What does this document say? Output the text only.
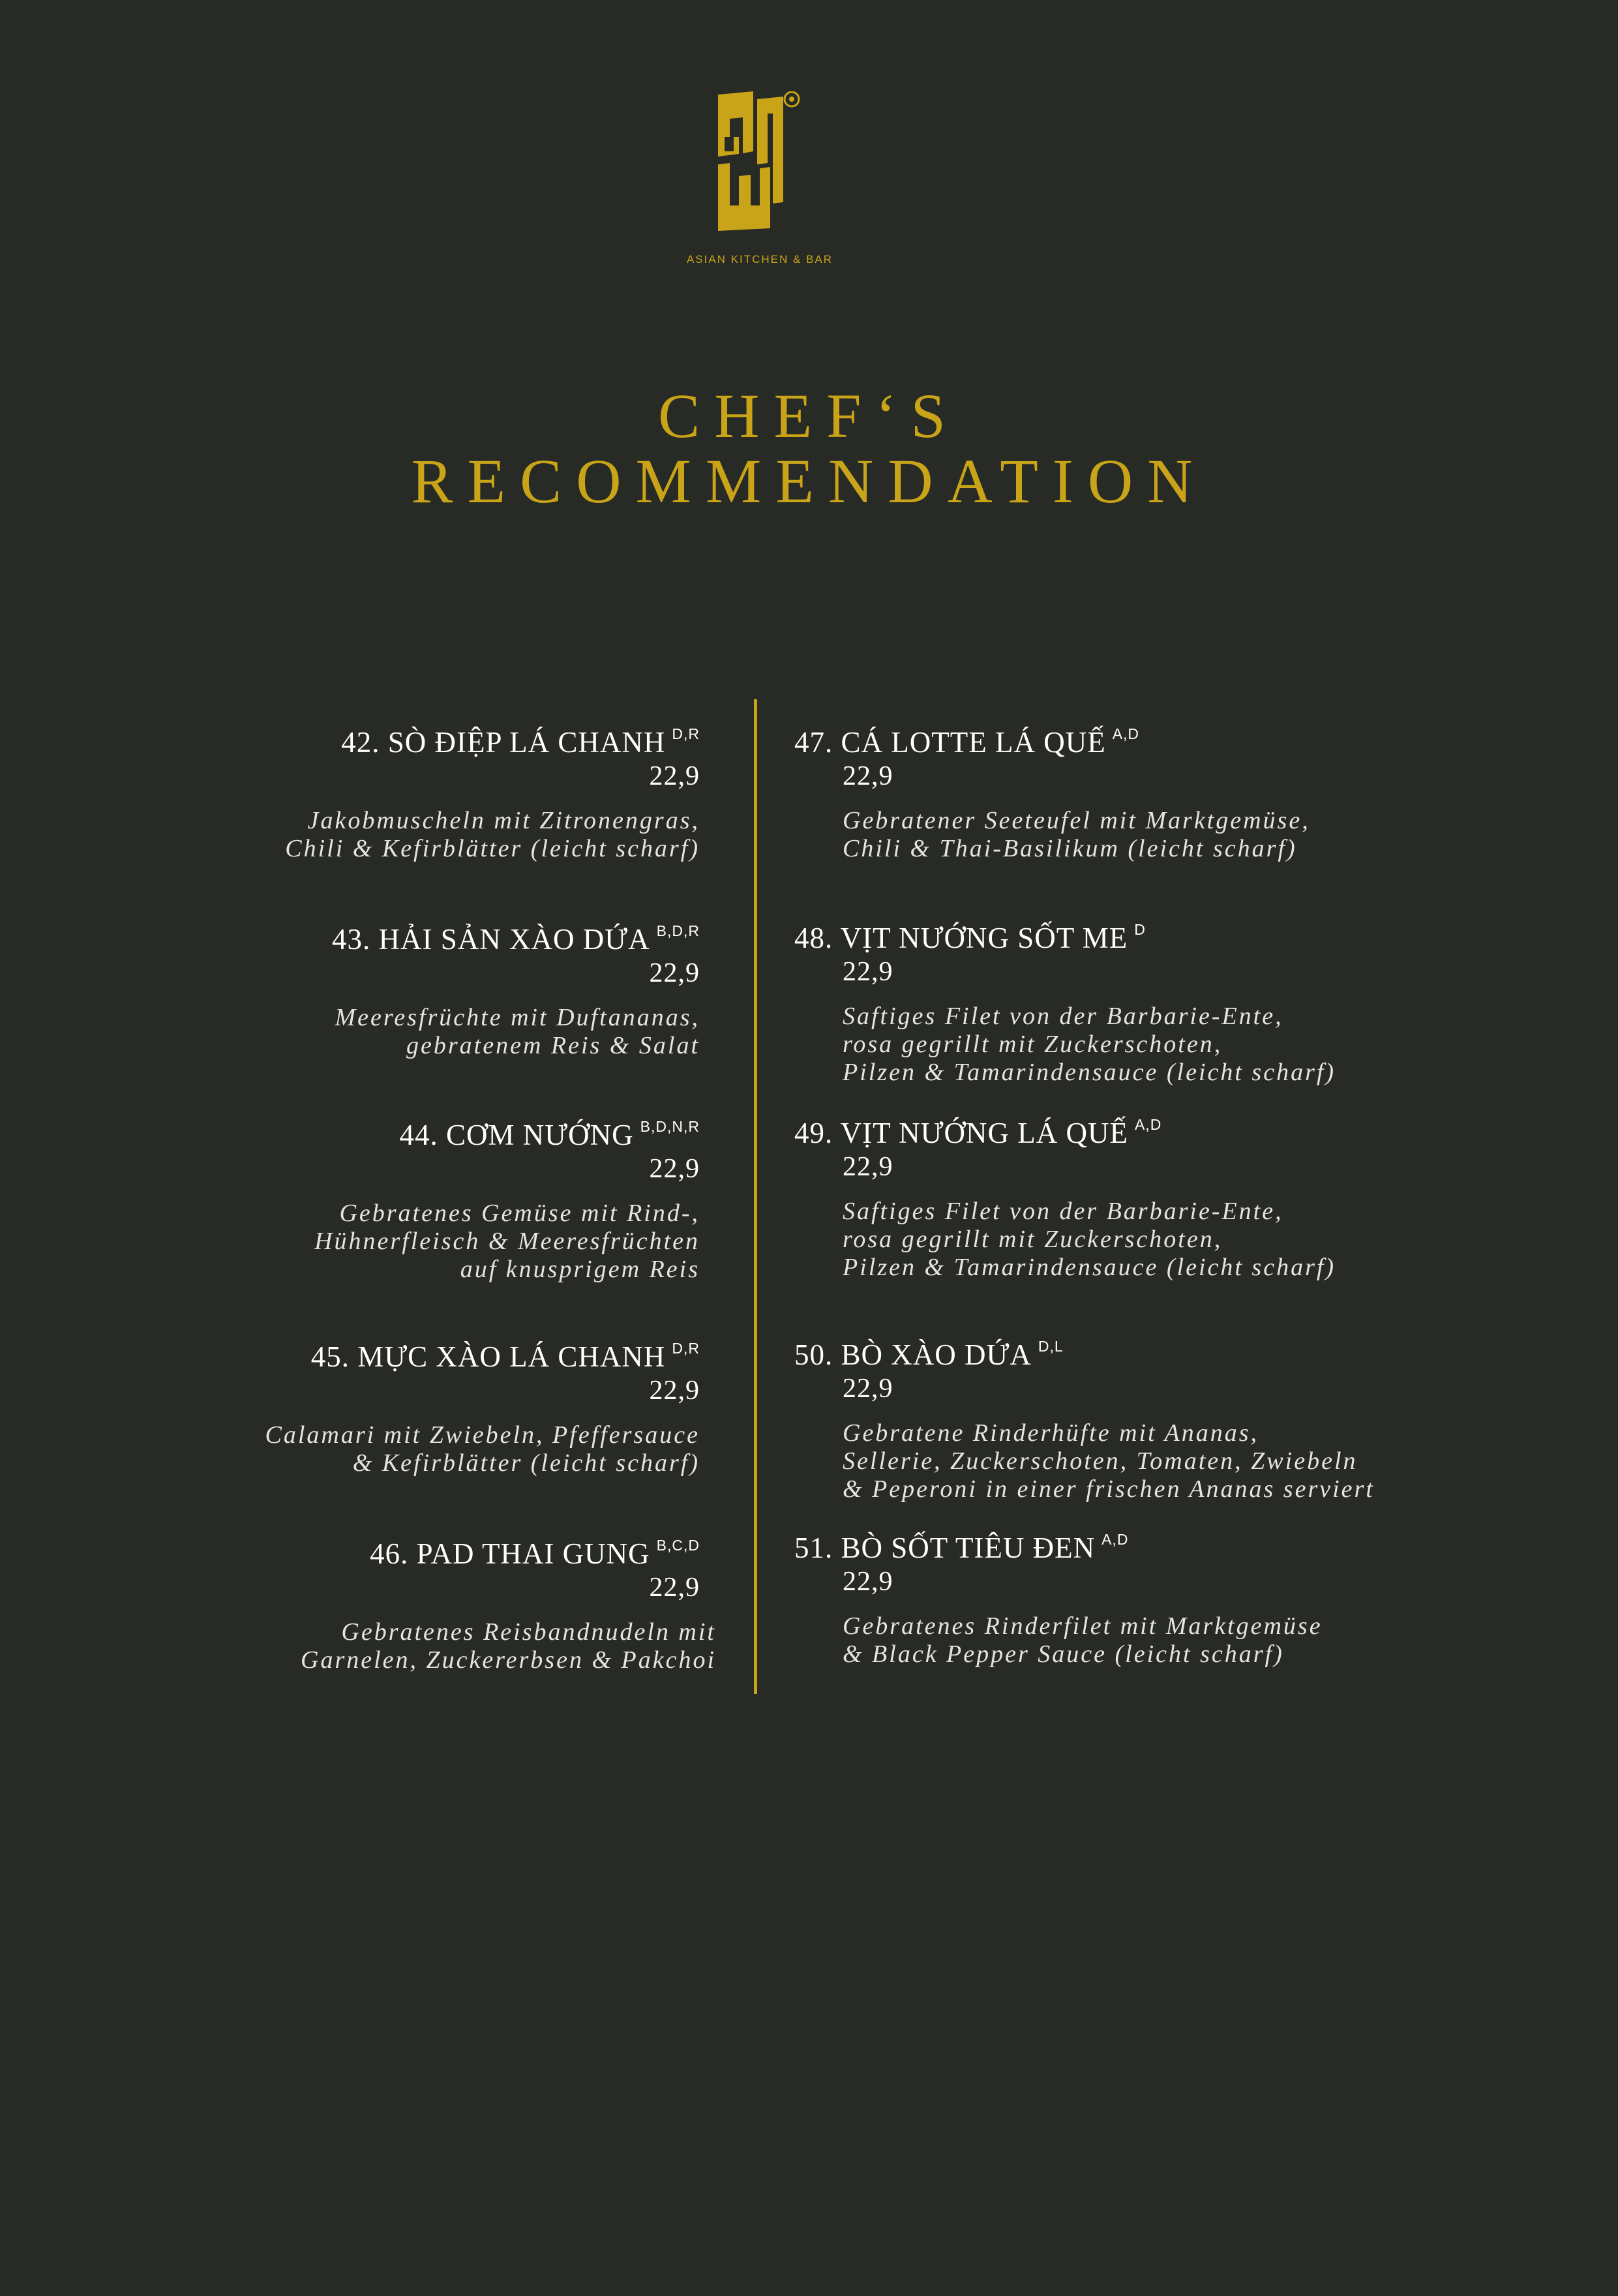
ASIAN KITCHEN & BAR
CHEF‘S
RECOMMENDATION
42. SÒ ĐIỆP LÁ CHANH $^{D,R}$
22,9
Jakobmuscheln mit Zitronengras,
Chili & Kefirblätter (leicht scharf)
43. HẢI SẢN XÀO DỨA $^{B,D,R}$
22,9
Meeresfrüchte mit Duftananas,
gebratenem Reis & Salat
44. CƠM NƯỚNG $^{B,D,N,R}$
22,9
Gebratenes Gemüse mit Rind-,
Hühnerfleisch & Meeresfrüchten
auf knusprigem Reis
45. MỰC XÀO LÁ CHANH $^{D,R}$
22,9
Calamari mit Zwiebeln, Pfeffersauce
& Kefirblätter (leicht scharf)
46. PAD THAI GUNG $^{B,C,D}$
22,9
Gebratenes Reisbandnudeln mit
Garnelen, Zuckererbsen & Pakchoi
47. CÁ LOTTE LÁ QUẾ $^{A,D}$
22,9
Gebratener Seeteufel mit Marktgemüse,
Chili & Thai-Basilikum (leicht scharf)
48. VỊT NƯỚNG SỐT ME $^D$
22,9
Saftiges Filet von der Barbarie-Ente,
rosa gegrillt mit Zuckerschoten,
Pilzen & Tamarindensauce (leicht scharf)
49. VỊT NƯỚNG LÁ QUẾ $^{A,D}$
22,9
Saftiges Filet von der Barbarie-Ente,
rosa gegrillt mit Zuckerschoten,
Pilzen & Tamarindensauce (leicht scharf)
50. BÒ XÀO DỨA $^{D,L}$
22,9
Gebratene Rinderhüfte mit Ananas,
Sellerie, Zuckerschoten, Tomaten, Zwiebeln
& Peperoni in einer frischen Ananas serviert
51. BÒ SỐT TIÊU ĐEN $^{A,D}$
22,9
Gebratenes Rinderfilet mit Marktgemüse
& Black Pepper Sauce (leicht scharf)
